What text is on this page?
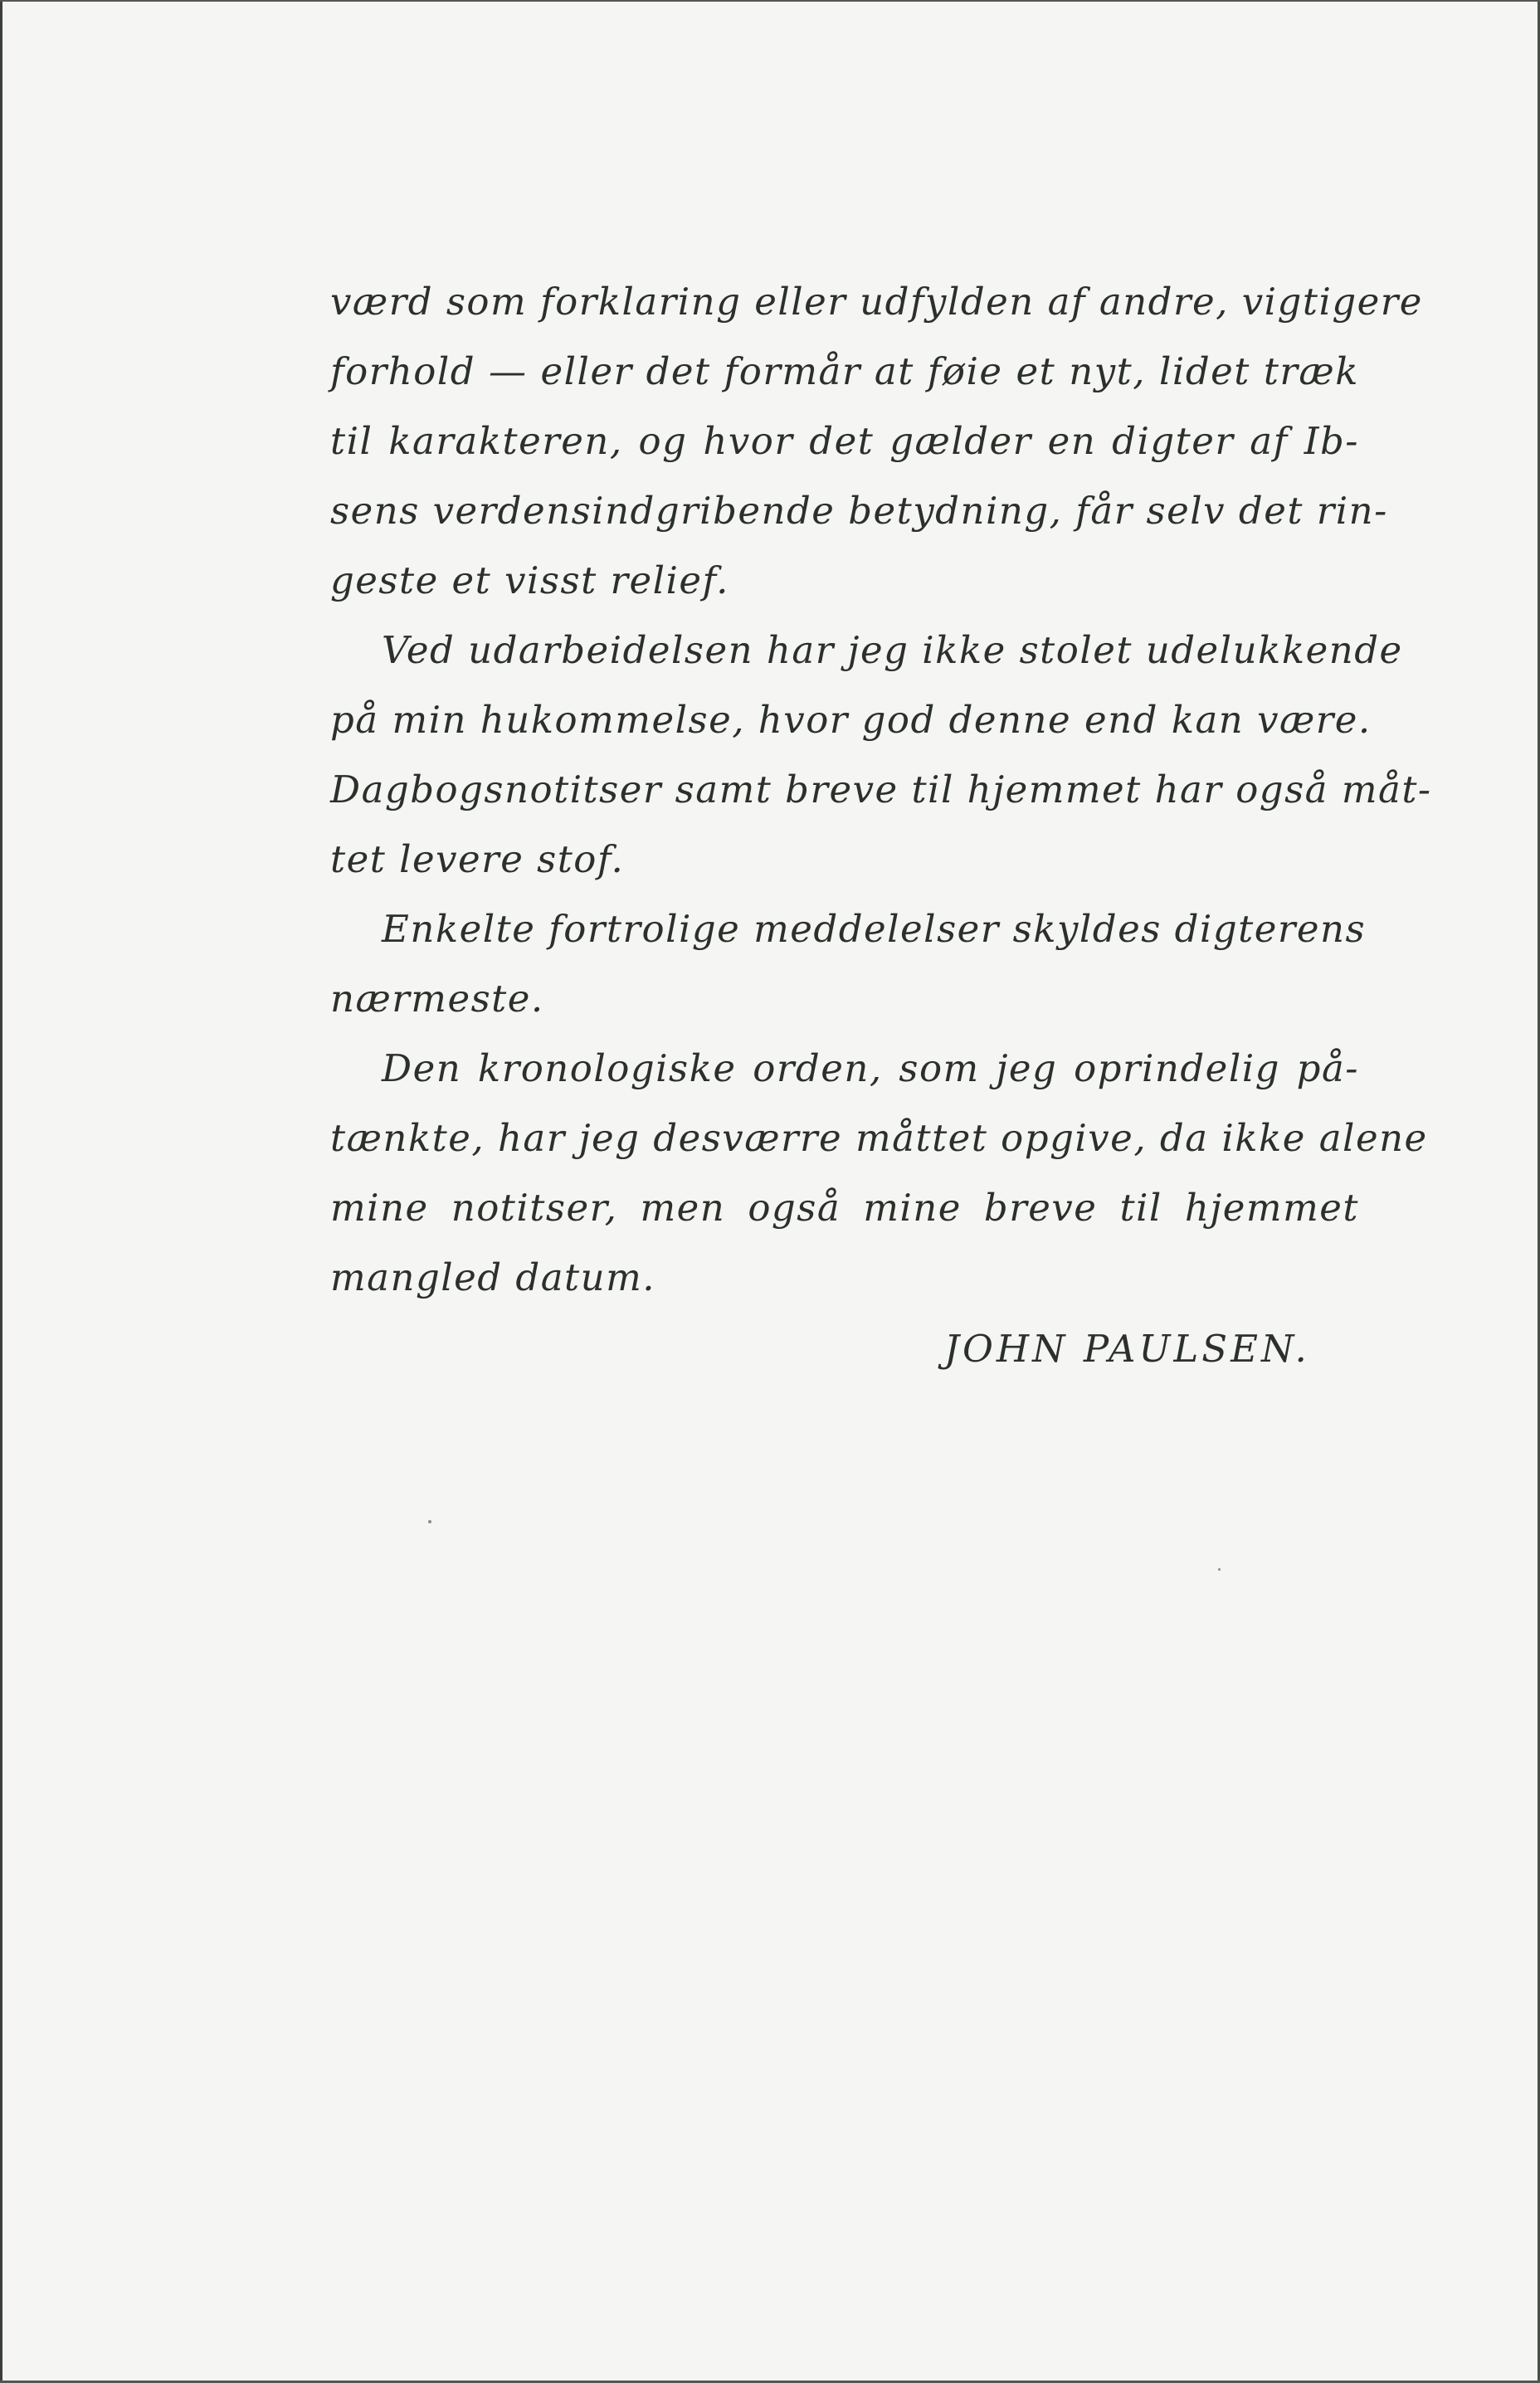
værd som forklaring eller udfylden af andre, vigtigere
forhold — eller det formår at føie et nyt, lidet træk
til karakteren, og hvor det gælder en digter af Ib-
sens verdensindgribende betydning, får selv det rin-
geste et visst relief.
Ved udarbeidelsen har jeg ikke stolet udelukkende
på min hukommelse, hvor god denne end kan være.
Dagbogsnotitser samt breve til hjemmet har også måt-
tet levere stof.
Enkelte fortrolige meddelelser skyldes digterens
nærmeste.
Den kronologiske orden, som jeg oprindelig på-
tænkte, har jeg desværre måttet opgive, da ikke alene
mine notitser, men også mine breve til hjemmet
mangled datum.
JOHN PAULSEN.
